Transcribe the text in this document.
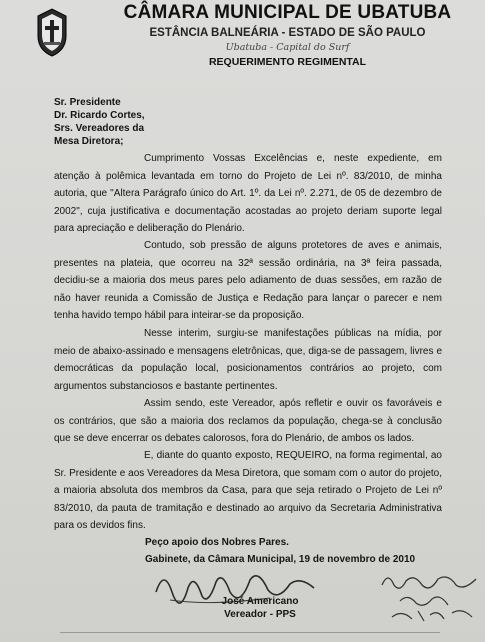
CÂMARA MUNICIPAL DE UBATUBA
ESTÂNCIA BALNEÁRIA - ESTADO DE SÃO PAULO
Ubatuba - Capital do Surf
REQUERIMENTO REGIMENTAL
Sr. Presidente
Dr. Ricardo Cortes,
Srs. Vereadores da
Mesa Diretora;

Cumprimento Vossas Excelências e, neste expediente, em atenção à polêmica levantada em torno do Projeto de Lei nº. 83/2010, de minha autoria, que "Altera Parágrafo único do Art. 1º. da Lei nº. 2.271, de 05 de dezembro de 2002", cuja justificativa e documentação acostadas ao projeto deriam suporte legal para apreciação e deliberação do Plenário.

Contudo, sob pressão de alguns protetores de aves e animais, presentes na plateia, que ocorreu na 32ª sessão ordinária, na 3ª feira passada, decidiu-se a maioria dos meus pares pelo adiamento de duas sessões, em razão de não haver reunida a Comissão de Justiça e Redação para lançar o parecer e nem tenha havido tempo hábil para inteirar-se da proposição.

Nesse interim, surgiu-se manifestações públicas na mídia, por meio de abaixo-assinado e mensagens eletrônicas, que, diga-se de passagem, livres e democráticas da população local, posicionamentos contrários ao projeto, com argumentos substanciosos e bastante pertinentes.

Assim sendo, este Vereador, após refletir e ouvir os favoráveis e os contrários, que são a maioria dos reclamos da população, chega-se à conclusão que se deve encerrar os debates calorosos, fora do Plenário, de ambos os lados.

E, diante do quanto exposto, REQUEIRO, na forma regimental, ao Sr. Presidente e aos Vereadores da Mesa Diretora, que somam com o autor do projeto, a maioria absoluta dos membros da Casa, para que seja retirado o Projeto de Lei nº 83/2010, da pauta de tramitação e destinado ao arquivo da Secretaria Administrativa para os devidos fins.

Peço apoio dos Nobres Pares.
Gabinete, da Câmara Municipal, 19 de novembro de 2010
José Americano
Vereador - PPS
